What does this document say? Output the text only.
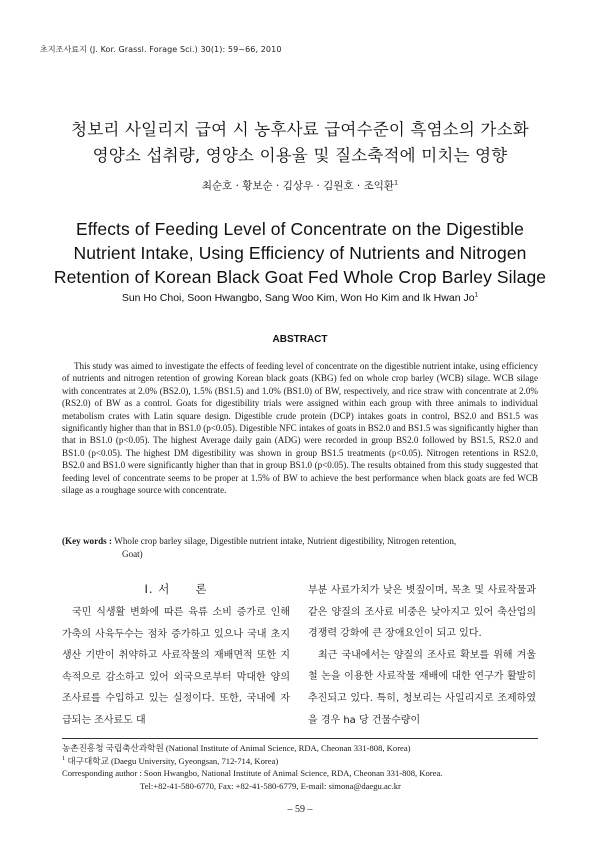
초지조사료지 (J. Kor. Grassl. Forage Sci.) 30(1): 59~66, 2010
청보리 사일리지 급여 시 농후사료 급여수준이 흑염소의 가소화
영양소 섭취량, 영양소 이용율 및 질소축적에 미치는 영향
최순호 · 황보순 · 김상우 · 김원호 · 조익환$^1$
Effects of Feeding Level of Concentrate on the Digestible
Nutrient Intake, Using Efficiency of Nutrients and Nitrogen
Retention of Korean Black Goat Fed Whole Crop Barley Silage
Sun Ho Choi, Soon Hwangbo, Sang Woo Kim, Won Ho Kim and Ik Hwan Jo$^1$
ABSTRACT

This study was aimed to investigate the effects of feeding level of concentrate on the digestible nutrient intake, using efficiency of nutrients and nitrogen retention of growing Korean black goats (KBG) fed on whole crop barley (WCB) silage. WCB silage with concentrates at 2.0% (BS2.0), 1.5% (BS1.5) and 1.0% (BS1.0) of BW, respectively, and rice straw with concentrate at 2.0% (RS2.0) of BW as a control. Goats for digestibility trials were assigned within each group with three animals to individual metabolism crates with Latin square design. Digestible crude protein (DCP) intakes goats in control, BS2.0 and BS1.5 was significantly higher than that in BS1.0 (p<0.05). Digestible NFC intakes of goats in BS2.0 and BS1.5 was significantly higher than that in BS1.0 (p<0.05). The highest Average daily gain (ADG) were recorded in group BS2.0 followed by BS1.5, RS2.0 and BS1.0 (p<0.05). The highest DM digestibility was shown in group BS1.5 treatments (p<0.05). Nitrogen retentions in RS2.0, BS2.0 and BS1.0 were significantly higher than that in group BS1.0 (p<0.05). The results obtained from this study suggested that feeding level of concentrate seems to be proper at 1.5% of BW to achieve the best performance when black goats are fed WCB silage as a roughage source with concentrate.

(Key words : Whole crop barley silage, Digestible nutrient intake, Nutrient digestibility, Nitrogen retention,
Goat)
Ⅰ. 서　　론

국민 식생활 변화에 따른 육류 소비 증가로 인해 가축의 사육두수는 점차 증가하고 있으나 국내 초지생산 기반이 취약하고 사료작물의 재배면적 또한 지속적으로 감소하고 있어 외국으로부터 막대한 양의 조사료를 수입하고 있는 실정이다. 또한, 국내에 자급되는 조사료도 대

부분 사료가치가 낮은 볏짚이며, 목초 및 사료작물과 같은 양질의 조사료 비중은 낮아지고 있어 축산업의 경쟁력 강화에 큰 장애요인이 되고 있다.

최근 국내에서는 양질의 조사료 확보를 위해 겨울철 논을 이용한 사료작물 재배에 대한 연구가 활발히 추진되고 있다. 특히, 청보리는 사일리지로 조제하였을 경우 ha 당 건물수량이

농촌진흥청 국립축산과학원 (National Institute of Animal Science, RDA, Cheonan 331-808, Korea)
$^1$ 대구대학교 (Daegu University, Gyeongsan, 712-714, Korea)
Corresponding author : Soon Hwangbo, National Institute of Animal Science, RDA, Cheonan 331-808, Korea.
Tel:+82-41-580-6770, Fax: +82-41-580-6779, E-mail: simona@daegu.ac.kr
– 59 –
